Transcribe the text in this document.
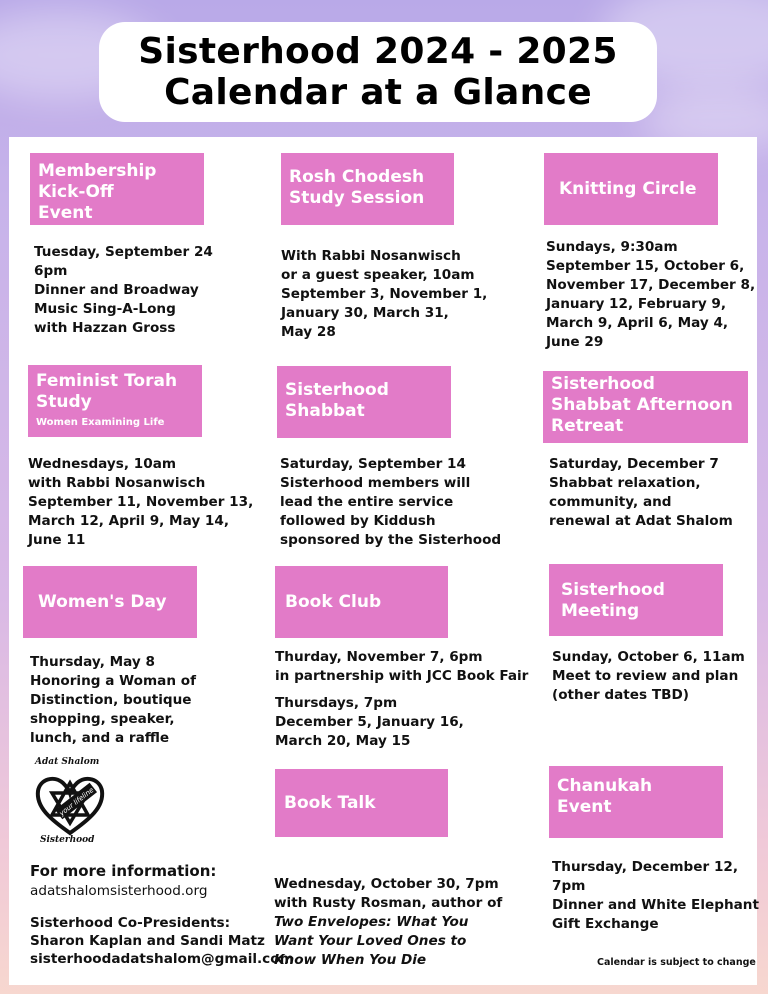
Sisterhood 2024 - 2025
Calendar at a Glance
Membership
Kick-Off
Event
Tuesday, September 24
6pm
Dinner and Broadway
Music Sing-A-Long
with Hazzan Gross
Rosh Chodesh
Study Session
With Rabbi Nosanwisch
or a guest speaker, 10am
September 3, November 1,
January 30, March 31,
May 28
Knitting Circle
Sundays, 9:30am
September 15, October 6,
November 17, December 8,
January 12, February 9,
March 9, April 6, May 4,
June 29
Feminist Torah
Study
Women Examining Life
Wednesdays, 10am
with Rabbi Nosanwisch
September 11, November 13,
March 12, April 9, May 14,
June 11
Sisterhood
Shabbat
Saturday, September 14
Sisterhood members will
lead the entire service
followed by Kiddush
sponsored by the Sisterhood
Sisterhood
Shabbat Afternoon
Retreat
Saturday, December 7
Shabbat relaxation,
community, and
renewal at Adat Shalom
Women's Day
Thursday, May 8
Honoring a Woman of
Distinction, boutique
shopping, speaker,
lunch, and a raffle
Book Club
Thurday, November 7, 6pm
in partnership with JCC Book Fair
Thursdays, 7pm
December 5, January 16,
March 20, May 15
Sisterhood
Meeting
Sunday, October 6, 11am
Meet to review and plan
(other dates TBD)
Adat Shalom
your lifeline
Sisterhood
Book Talk

Wednesday, October 30, 7pm
with Rusty Rosman, author of

Two Envelopes: What You
Want Your Loved Ones to
Know When You Die

Chanukah
Event
Thursday, December 12,
7pm
Dinner and White Elephant
Gift Exchange
For more information:
adatshalomsisterhood.org
Sisterhood Co-Presidents:
Sharon Kaplan and Sandi Matz
sisterhoodadatshalom@gmail.com	Calendar is subject to change
